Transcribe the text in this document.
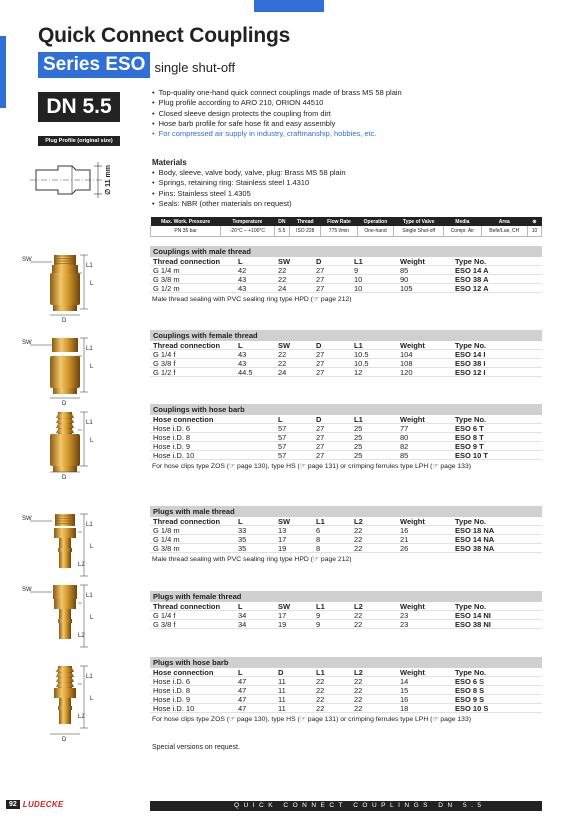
Quick Connect Couplings
Series ESO single shut-off
DN 5.5
Plug Profile (original size)
∅ 11 mm
• Top-quality one-hand quick connect couplings made of brass MS 58 plain
• Plug profile according to ARO 210, ORION 44510
• Closed sleeve design protects the coupling from dirt
• Hose barb profile for safe hose fit and easy assembly
• For compressed air supply in industry, craftmanship, hobbies, etc.
Materials
• Body, sleeve, valve body, valve, plug: Brass MS 58 plain
• Springs, retaining ring: Stainless steel 1.4310
• Pins: Stainless steel 1.4305
• Seals: NBR (other materials on request)
Max. Work. Pressure	Temperature	DN	Thread	Flow Rate	Operation	Type of Valve	Media	Area	⊛
PN 35 bar	-20°C – +100°C	5.5	ISO 228	775 l/min	One-hand	Single Shut-off	Compr. Air	Befe/Lue, CH	10
Couplings with male thread
Thread connection L	SW	D	L1	Weight	Type No.
G 1/4 m	42	22	27	9	85	ESO 14 A
G 3/8 m	43	22	27	10	90	ESO 38 A
G 1/2 m	43	24	27	10	105	ESO 12 A
Male thread sealing with PVC sealing ring type HPD (☞ page 212)
Couplings with female thread
Thread connection L	SW	D	L1	Weight	Type No.
G 1/4 f	43	22	27	10.5	104	ESO 14 I
G 3/8 f	43	22	27	10.5	108	ESO 38 I
G 1/2 f	44.5	24	27	12	120	ESO 12 I
Couplings with hose barb
Hose connection	L	D	L1	Weight	Type No.
Hose i.D. 6	57	27	25	77	ESO 6 T
Hose i.D. 8	57	27	25	80	ESO 8 T
Hose i.D. 9	57	27	25	82	ESO 9 T
Hose i.D. 10	57	27	25	85	ESO 10 T
For hose clips type ZOS (☞ page 130), type HS (☞ page 131) or crimping ferrules type LPH (☞ page 133)
Plugs with male thread
Thread connection L	SW	L1	L2	Weight	Type No.
G 1/8 m	33	13	6	22	16	ESO 18 NA
G 1/4 m	35	17	8	22	21	ESO 14 NA
G 3/8 m	35	19	8	22	26	ESO 38 NA
Male thread sealing with PVC sealing ring type HPD (☞ page 212)
Plugs with female thread
Thread connection L	SW	L1	L2	Weight	Type No.
G 1/4 f	34	17	9	22	23	ESO 14 NI
G 3/8 f	34	19	9	22	23	ESO 38 NI
Plugs with hose barb
Hose connection	L	D	L1	L2	Weight	Type No.
Hose i.D. 6	47	11	22	22	14	ESO 6 S
Hose i.D. 8	47	11	22	22	15	ESO 8 S
Hose i.D. 9	47	11	22	22	16	ESO 9 S
Hose i.D. 10	47	11	22	22	18	ESO 10 S
For hose clips type ZOS (☞ page 130), type HS (☞ page 131) or crimping ferrules type LPH (☞ page 133)
Special versions on request.
92 LUDECKE	QUICK CONNECT COUPLINGS DN 5.5
L1
L
SW
D
L1
L
SW
D
L1
L
D
L1
L
L2
SW
L1
L
L2
SW
L1
L
L2
D
